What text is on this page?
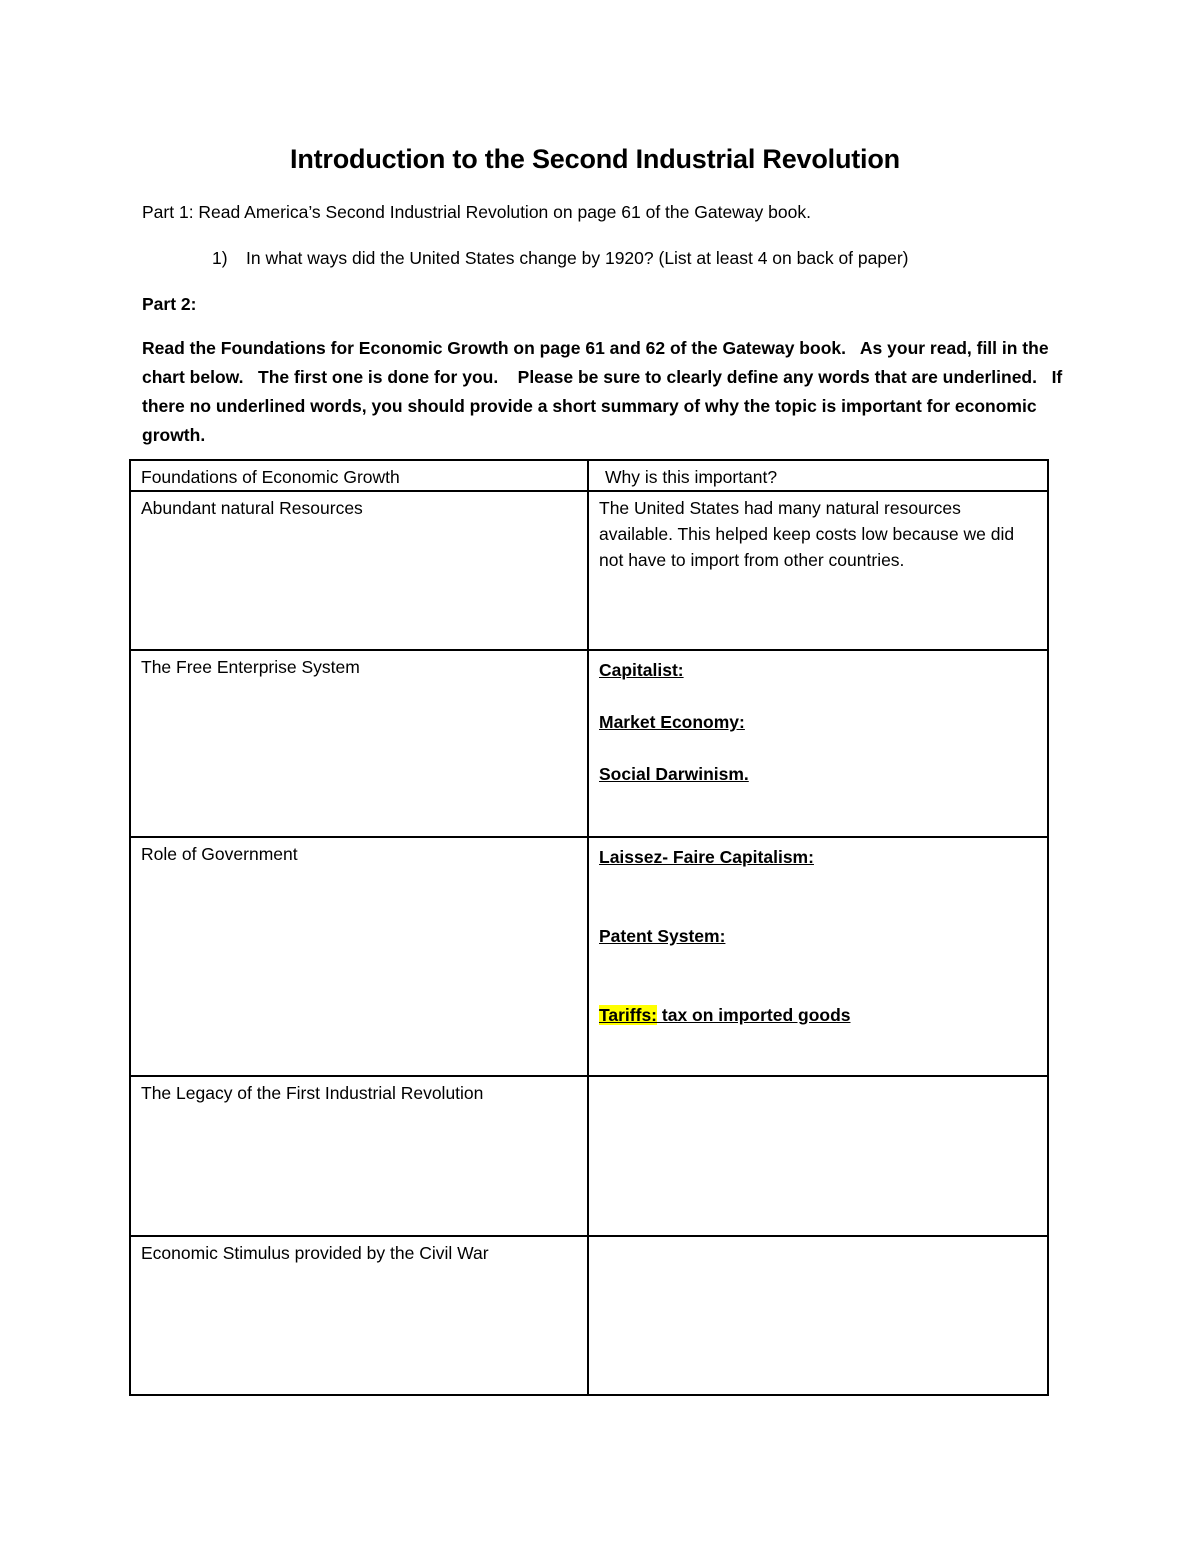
Introduction to the Second Industrial Revolution
Part 1: Read America’s Second Industrial Revolution on page 61 of the Gateway book.
1) In what ways did the United States change by 1920? (List at least 4 on back of paper)
Part 2:
Read the Foundations for Economic Growth on page 61 and 62 of the Gateway book.   As your read, fill in the chart below.   The first one is done for you.    Please be sure to clearly define any words that are underlined.   If there no underlined words, you should provide a short summary of why the topic is important for economic growth.
Foundations of Economic Growth	Why is this important?
Abundant natural Resources	The United States had many natural resources available. This helped keep costs low because we did not have to import from other countries.
The Free Enterprise System	Capitalist:
Market Economy:
Social Darwinism.

Role of Government	Laissez- Faire Capitalism:
Patent System:
Tariffs: tax on imported goods

The Legacy of the First Industrial Revolution	
Economic Stimulus provided by the Civil War	
